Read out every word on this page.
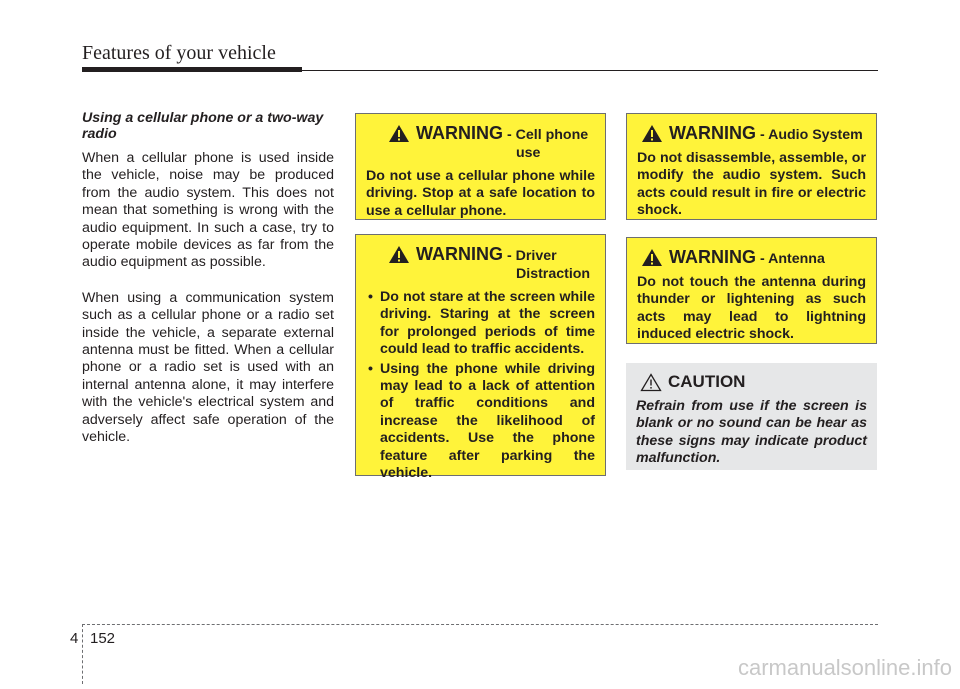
Features of your vehicle

Using a cellular phone or a two-way radio

When a cellular phone is used inside the vehicle, noise may be produced from the audio system. This does not mean that something is wrong with the audio equipment. In such a case, try to operate mobile devices as far from the audio equipment as possible.

When using a communication system such as a cellular phone or a radio set inside the vehicle, a separate external antenna must be fitted. When a cellular phone or a radio set is used with an internal antenna alone, it may interfere with the vehicle's electrical system and adversely affect safe operation of the vehicle.

WARNING - Cell phone
use
Do not use a cellular phone while driving. Stop at a safe location to use a cellular phone.
WARNING - Driver
Distraction
• Do not stare at the screen while driving. Staring at the screen for prolonged periods of time could lead to traffic accidents.
• Using the phone while driving may lead to a lack of attention of traffic conditions and increase the likelihood of accidents. Use the phone feature after parking the vehicle.
WARNING - Audio System
Do not disassemble, assemble, or modify the audio system. Such acts could result in fire or electric shock.
WARNING - Antenna
Do not touch the antenna during thunder or lightening as such acts may lead to lightning induced electric shock.
CAUTION
Refrain from use if the screen is blank or no sound can be hear as these signs may indicate product malfunction.
4 152
carmanualsonline.info
